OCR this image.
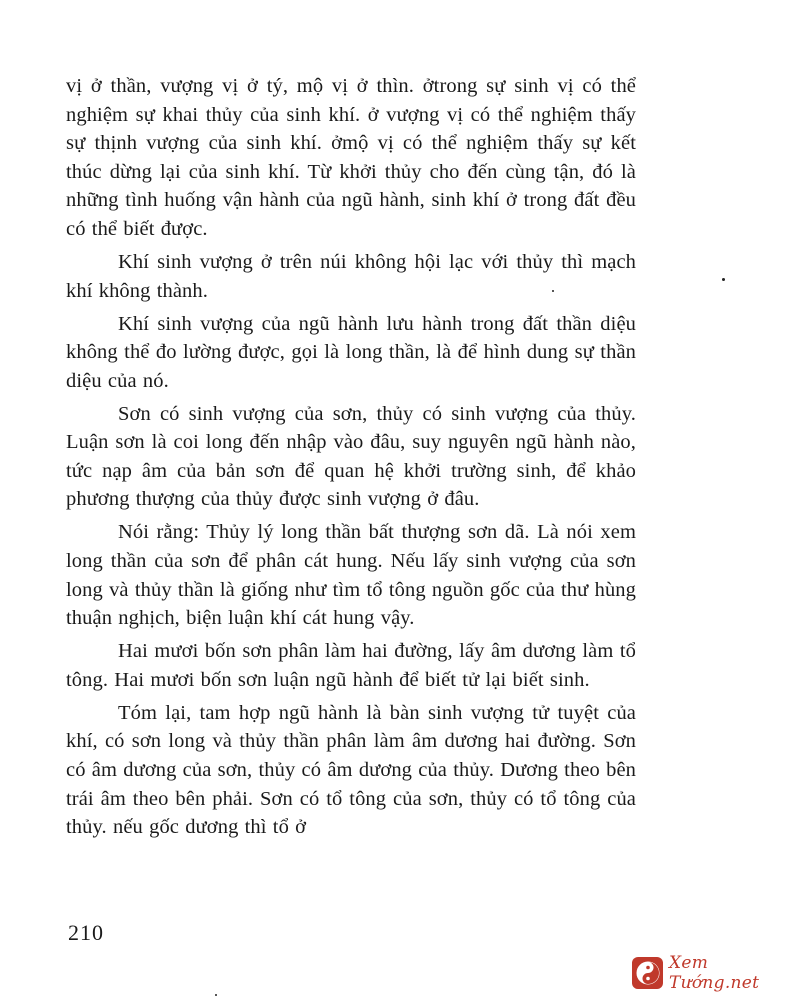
vị ở thần, vượng vị ở tý, mộ vị ở thìn. ởtrong sự sinh vị có thể nghiệm sự khai thủy của sinh khí. ở vượng vị có thể nghiệm thấy sự thịnh vượng của sinh khí. ởmộ vị có thể nghiệm thấy sự kết thúc dừng lại của sinh khí. Từ khởi thủy cho đến cùng tận, đó là những tình huống vận hành của ngũ hành, sinh khí ở trong đất đều có thể biết được.

Khí sinh vượng ở trên núi không hội lạc với thủy thì mạch khí không thành.

Khí sinh vượng của ngũ hành lưu hành trong đất thần diệu không thể đo lường được, gọi là long thần, là để hình dung sự thần diệu của nó.

Sơn có sinh vượng của sơn, thủy có sinh vượng của thủy. Luận sơn là coi long đến nhập vào đâu, suy nguyên ngũ hành nào, tức nạp âm của bản sơn để quan hệ khởi trường sinh, để khảo phương thượng của thủy được sinh vượng ở đâu.

Nói rằng: Thủy lý long thần bất thượng sơn dã. Là nói xem long thần của sơn để phân cát hung. Nếu lấy sinh vượng của sơn long và thủy thần là giống như tìm tổ tông nguồn gốc của thư hùng thuận nghịch, biện luận khí cát hung vậy.

Hai mươi bốn sơn phân làm hai đường, lấy âm dương làm tổ tông. Hai mươi bốn sơn luận ngũ hành để biết tử lại biết sinh.

Tóm lại, tam hợp ngũ hành là bàn sinh vượng tử tuyệt của khí, có sơn long và thủy thần phân làm âm dương hai đường. Sơn có âm dương của sơn, thủy có âm dương của thủy. Dương theo bên trái âm theo bên phải. Sơn có tổ tông của sơn, thủy có tổ tông của thủy. nếu gốc dương thì tổ ở

210
Xem Tướng.net
